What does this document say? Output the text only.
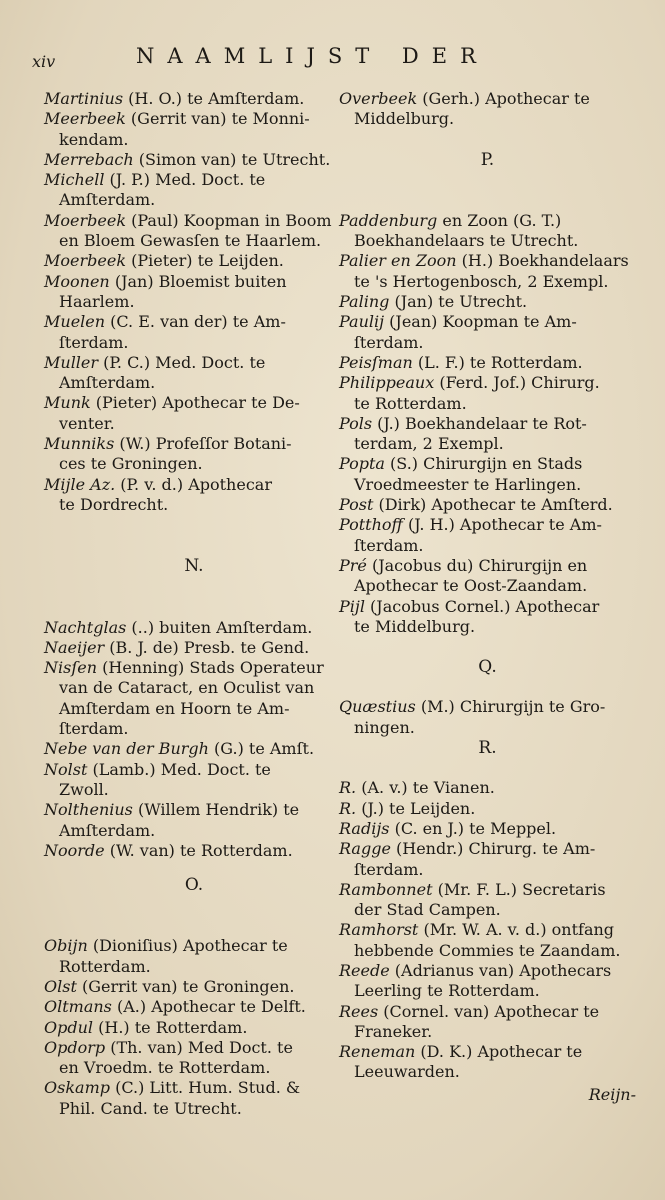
xiv	NAAMLIJST DER
Martinius (H. O.) te Amſterdam.
Meerbeek (Gerrit van) te Monni-
kendam.
Merrebach (Simon van) te Utrecht.
Michell (J. P.) Med. Doct. te
Amſterdam.
Moerbeek (Paul) Koopman in Boom
en Bloem Gewasſen te Haarlem.
Moerbeek (Pieter) te Leijden.
Moonen (Jan) Bloemist buiten
Haarlem.
Muelen (C. E. van der) te Am-
ſterdam.
Muller (P. C.) Med. Doct. te
Amſterdam.
Munk (Pieter) Apothecar te De-
venter.
Munniks (W.) Profeſſor Botani-
ces te Groningen.
Mijle Az. (P. v. d.) Apothecar
te Dordrecht.
N.
Nachtglas (..) buiten Amſterdam.
Naeijer (B. J. de) Presb. te Gend.
Nisſen (Henning) Stads Operateur
van de Cataract, en Oculist van
Amſterdam en Hoorn te Am-
ſterdam.
Nebe van der Burgh (G.) te Amſt.
Nolst (Lamb.) Med. Doct. te
Zwoll.
Nolthenius (Willem Hendrik) te
Amſterdam.
Noorde (W. van) te Rotterdam.
O.
Obijn (Dioniſius) Apothecar te
Rotterdam.
Olst (Gerrit van) te Groningen.
Oltmans (A.) Apothecar te Delft.
Opdul (H.) te Rotterdam.
Opdorp (Th. van) Med Doct. te
en Vroedm. te Rotterdam.
Oskamp (C.) Litt. Hum. Stud. &
Phil. Cand. te Utrecht.
Overbeek (Gerh.) Apothecar te
Middelburg.
P.
Paddenburg en Zoon (G. T.)
Boekhandelaars te Utrecht.
Palier en Zoon (H.) Boekhandelaars
te 's Hertogenbosch, 2 Exempl.
Paling (Jan) te Utrecht.
Paulij (Jean) Koopman te Am-
ſterdam.
Peisſman (L. F.) te Rotterdam.
Philippeaux (Ferd. Jof.) Chirurg.
te Rotterdam.
Pols (J.) Boekhandelaar te Rot-
terdam, 2 Exempl.
Popta (S.) Chirurgijn en Stads
Vroedmeester te Harlingen.
Post (Dirk) Apothecar te Amſterd.
Potthoff (J. H.) Apothecar te Am-
ſterdam.
Pré (Jacobus du) Chirurgijn en
Apothecar te Oost-Zaandam.
Pijl (Jacobus Cornel.) Apothecar
te Middelburg.
Q.
Quæstius (M.) Chirurgijn te Gro-
ningen.
R.
R. (A. v.) te Vianen.
R. (J.) te Leijden.
Radijs (C. en J.) te Meppel.
Ragge (Hendr.) Chirurg. te Am-
ſterdam.
Rambonnet (Mr. F. L.) Secretaris
der Stad Campen.
Ramhorst (Mr. W. A. v. d.) ontfang
hebbende Commies te Zaandam.
Reede (Adrianus van) Apothecars
Leerling te Rotterdam.
Rees (Cornel. van) Apothecar te
Franeker.
Reneman (D. K.) Apothecar te
Leeuwarden.
Reijn-
